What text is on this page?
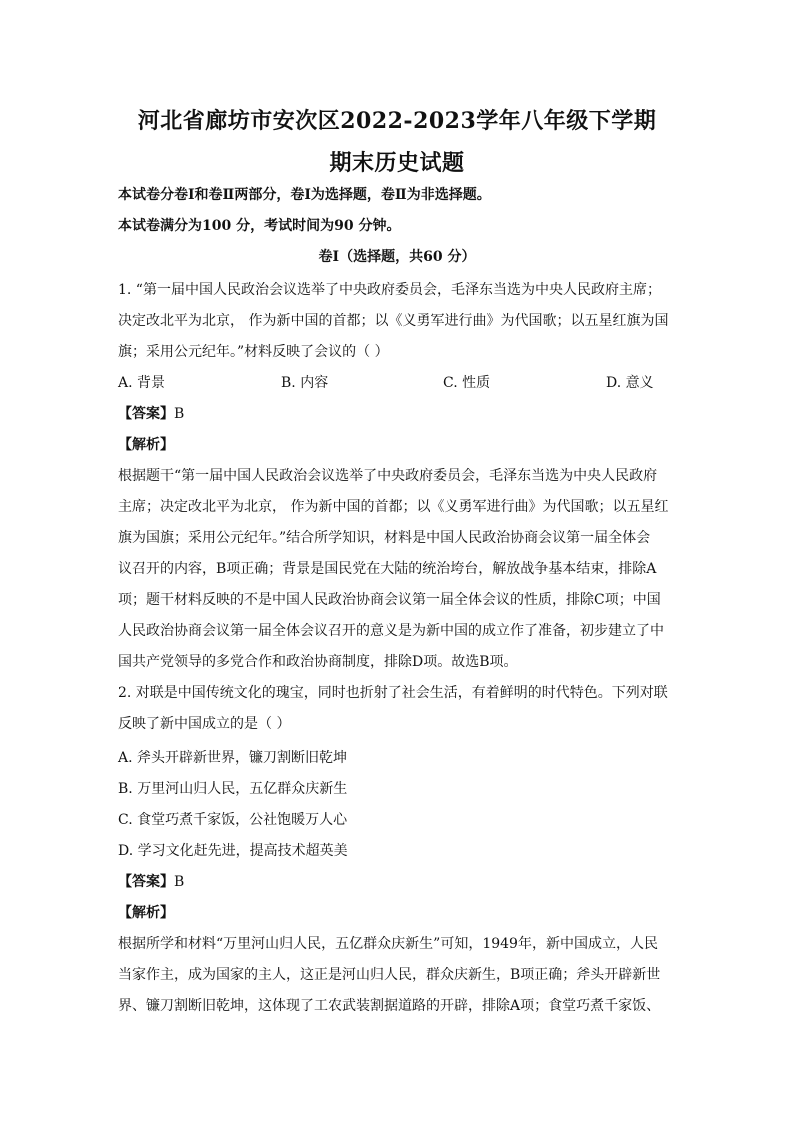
河北省廊坊市安次区2022-2023学年八年级下学期
期末历史试题
本试卷分卷Ⅰ和卷Ⅱ两部分，卷Ⅰ为选择题，卷Ⅱ为非选择题。
本试卷满分为100 分，考试时间为90 分钟。
卷Ⅰ（选择题，共60 分）
1. “第一届中国人民政治会议选举了中央政府委员会，毛泽东当选为中央人民政府主席；
决定改北平为北京， 作为新中国的首都；以《义勇军进行曲》为代国歌；以五星红旗为国
旗；采用公元纪年。”材料反映了会议的（ ）
A. 背景	B. 内容	C. 性质	D. 意义
【答案】B
【解析】
根据题干“第一届中国人民政治会议选举了中央政府委员会，毛泽东当选为中央人民政府
主席；决定改北平为北京， 作为新中国的首都；以《义勇军进行曲》为代国歌；以五星红
旗为国旗；采用公元纪年。”结合所学知识，材料是中国人民政治协商会议第一届全体会
议召开的内容，B项正确；背景是国民党在大陆的统治垮台，解放战争基本结束，排除A
项；题干材料反映的不是中国人民政治协商会议第一届全体会议的性质，排除C项；中国
人民政治协商会议第一届全体会议召开的意义是为新中国的成立作了准备，初步建立了中
国共产党领导的多党合作和政治协商制度，排除D项。故选B项。
2. 对联是中国传统文化的瑰宝，同时也折射了社会生活，有着鲜明的时代特色。下列对联
反映了新中国成立的是（ ）
A. 斧头开辟新世界，镰刀割断旧乾坤
B. 万里河山归人民，五亿群众庆新生
C. 食堂巧煮千家饭，公社饱暖万人心
D. 学习文化赶先进，提高技术超英美
【答案】B
【解析】
根据所学和材料“万里河山归人民，五亿群众庆新生”可知，1949年，新中国成立，人民
当家作主，成为国家的主人，这正是河山归人民，群众庆新生，B项正确；斧头开辟新世
界、镰刀割断旧乾坤，这体现了工农武装割据道路的开辟，排除A项；食堂巧煮千家饭、
